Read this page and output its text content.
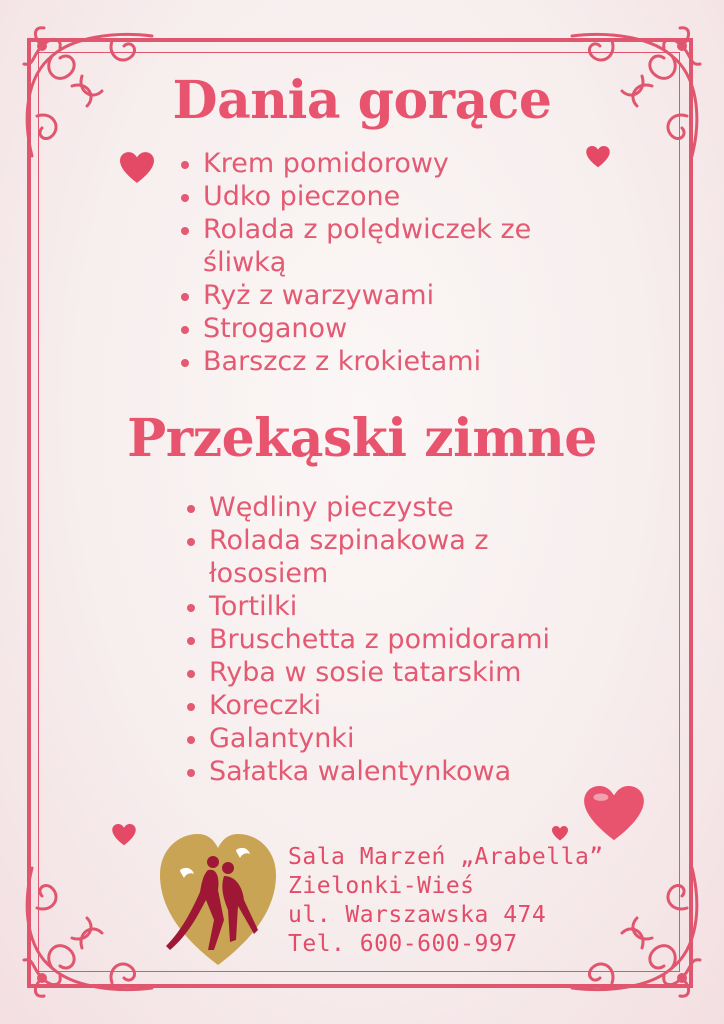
Dania gorące
Krem pomidorowy
Udko pieczone
Rolada z polędwiczek ze śliwką
Ryż z warzywami
Stroganow
Barszcz z krokietami
Przekąski zimne
Wędliny pieczyste
Rolada szpinakowa z łososiem
Tortilki
Bruschetta z pomidorami
Ryba w sosie tatarskim
Koreczki
Galantynki
Sałatka walentynkowa
Sala Marzeń „Arabella”
Zielonki-Wieś
ul. Warszawska 474
Tel. 600-600-997
